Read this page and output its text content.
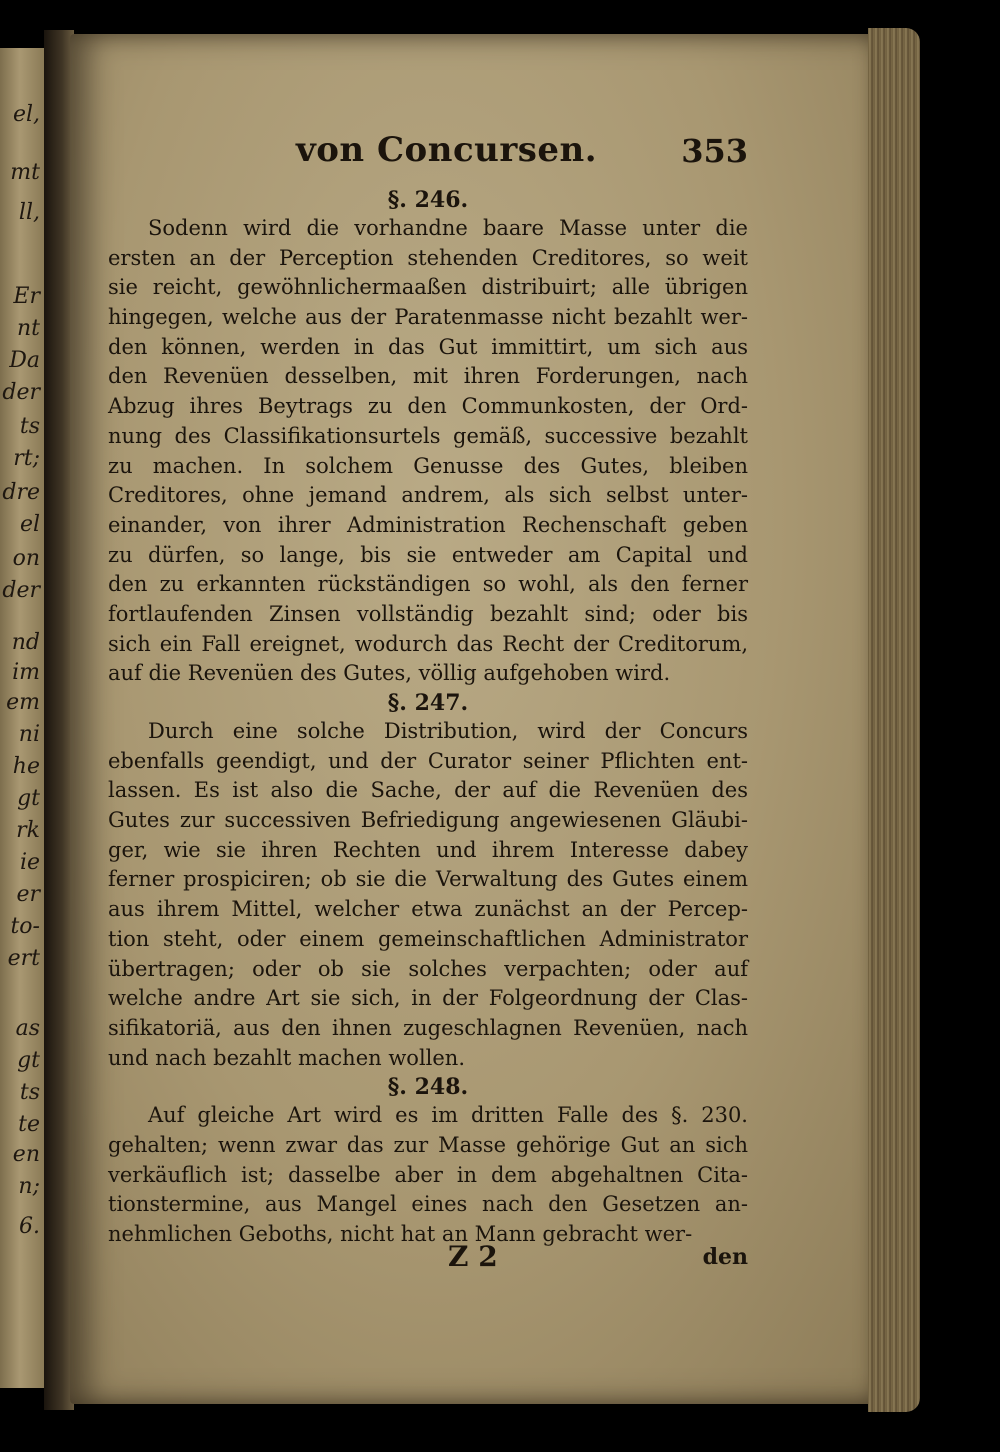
el,
mt
ll,
Er
nt
Da
der
ts
rt;
dre
el
on
der
nd
im
em
ni
he
gt
rk
ie
er
to-
ert
as
gt
ts
te
en
n;
6.
von Concursen.	353
§. 246.
Sodenn wird die vorhandne baare Masse unter die
ersten an der Perception stehenden Creditores, so weit
sie reicht, gewöhnlichermaaßen distribuirt; alle übrigen
hingegen, welche aus der Paratenmasse nicht bezahlt wer-
den können, werden in das Gut immittirt, um sich aus
den Revenüen desselben, mit ihren Forderungen, nach
Abzug ihres Beytrags zu den Communkosten, der Ord-
nung des Classifikationsurtels gemäß, successive bezahlt
zu machen. In solchem Genusse des Gutes, bleiben
Creditores, ohne jemand andrem, als sich selbst unter-
einander, von ihrer Administration Rechenschaft geben
zu dürfen, so lange, bis sie entweder am Capital und
den zu erkannten rückständigen so wohl, als den ferner
fortlaufenden Zinsen vollständig bezahlt sind; oder bis
sich ein Fall ereignet, wodurch das Recht der Creditorum,
auf die Revenüen des Gutes, völlig aufgehoben wird.
§. 247.
Durch eine solche Distribution, wird der Concurs
ebenfalls geendigt, und der Curator seiner Pflichten ent-
lassen. Es ist also die Sache, der auf die Revenüen des
Gutes zur successiven Befriedigung angewiesenen Gläubi-
ger, wie sie ihren Rechten und ihrem Interesse dabey
ferner prospiciren; ob sie die Verwaltung des Gutes einem
aus ihrem Mittel, welcher etwa zunächst an der Percep-
tion steht, oder einem gemeinschaftlichen Administrator
übertragen; oder ob sie solches verpachten; oder auf
welche andre Art sie sich, in der Folgeordnung der Clas-
sifikatoriä, aus den ihnen zugeschlagnen Revenüen, nach
und nach bezahlt machen wollen.
§. 248.
Auf gleiche Art wird es im dritten Falle des §. 230.
gehalten; wenn zwar das zur Masse gehörige Gut an sich
verkäuflich ist; dasselbe aber in dem abgehaltnen Cita-
tionstermine, aus Mangel eines nach den Gesetzen an-
nehmlichen Geboths, nicht hat an Mann gebracht wer-
Z 2	den
